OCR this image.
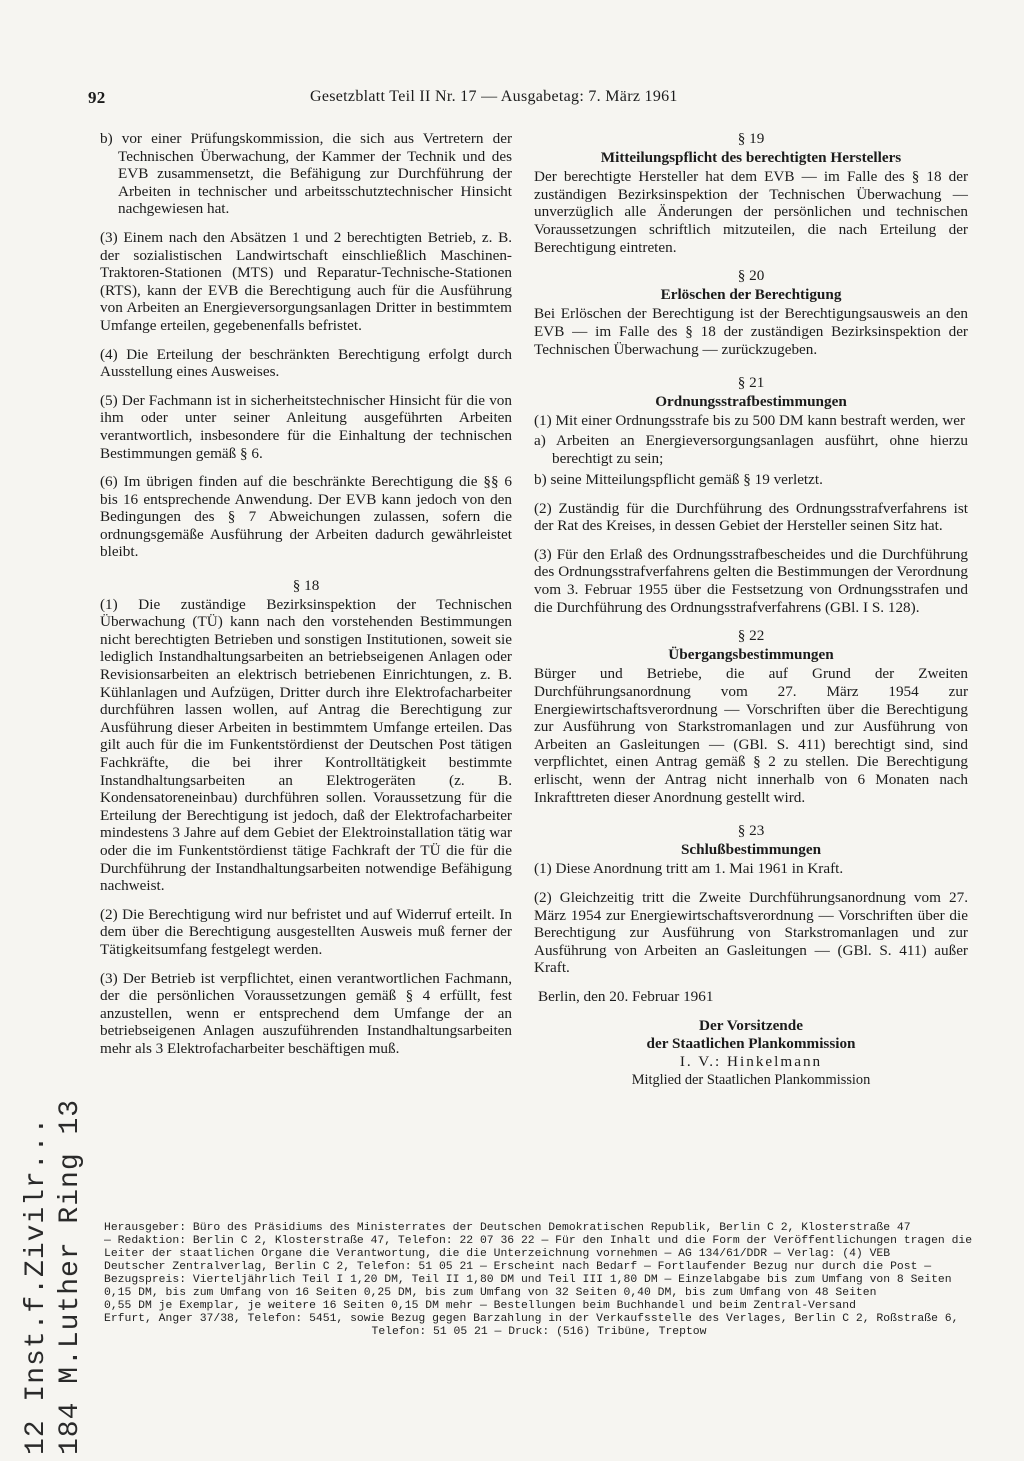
92	Gesetzblatt Teil II Nr. 17 — Ausgabetag: 7. März 1961

b) vor einer Prüfungskommission, die sich aus Vertretern der Technischen Überwachung, der Kammer der Technik und des EVB zusammensetzt, die Befähigung zur Durchführung der Arbeiten in technischer und arbeitsschutztechnischer Hinsicht nachgewiesen hat.

(3) Einem nach den Absätzen 1 und 2 berechtigten Betrieb, z. B. der sozialistischen Landwirtschaft einschließlich Maschinen-Traktoren-Stationen (MTS) und Reparatur-Technische-Stationen (RTS), kann der EVB die Berechtigung auch für die Ausführung von Arbeiten an Energieversorgungsanlagen Dritter in bestimmtem Umfange erteilen, gegebenenfalls befristet.

(4) Die Erteilung der beschränkten Berechtigung erfolgt durch Ausstellung eines Ausweises.

(5) Der Fachmann ist in sicherheitstechnischer Hinsicht für die von ihm oder unter seiner Anleitung ausgeführten Arbeiten verantwortlich, insbesondere für die Einhaltung der technischen Bestimmungen gemäß § 6.

(6) Im übrigen finden auf die beschränkte Berechtigung die §§ 6 bis 16 entsprechende Anwendung. Der EVB kann jedoch von den Bedingungen des § 7 Abweichungen zulassen, sofern die ordnungsgemäße Ausführung der Arbeiten dadurch gewährleistet bleibt.

§ 18

(1) Die zuständige Bezirksinspektion der Technischen Überwachung (TÜ) kann nach den vorstehenden Bestimmungen nicht berechtigten Betrieben und sonstigen Institutionen, soweit sie lediglich Instandhaltungsarbeiten an betriebseigenen Anlagen oder Revisionsarbeiten an elektrisch betriebenen Einrichtungen, z. B. Kühlanlagen und Aufzügen, Dritter durch ihre Elektrofacharbeiter durchführen lassen wollen, auf Antrag die Berechtigung zur Ausführung dieser Arbeiten in bestimmtem Umfange erteilen. Das gilt auch für die im Funkentstördienst der Deutschen Post tätigen Fachkräfte, die bei ihrer Kontrolltätigkeit bestimmte Instandhaltungsarbeiten an Elektrogeräten (z. B. Kondensatoreneinbau) durchführen sollen. Voraussetzung für die Erteilung der Berechtigung ist jedoch, daß der Elektrofacharbeiter mindestens 3 Jahre auf dem Gebiet der Elektroinstallation tätig war oder die im Funkentstördienst tätige Fachkraft der TÜ die für die Durchführung der Instandhaltungsarbeiten notwendige Befähigung nachweist.

(2) Die Berechtigung wird nur befristet und auf Widerruf erteilt. In dem über die Berechtigung ausgestellten Ausweis muß ferner der Tätigkeitsumfang festgelegt werden.

(3) Der Betrieb ist verpflichtet, einen verantwortlichen Fachmann, der die persönlichen Voraussetzungen gemäß § 4 erfüllt, fest anzustellen, wenn er entsprechend dem Umfange der an betriebseigenen Anlagen auszuführenden Instandhaltungsarbeiten mehr als 3 Elektrofacharbeiter beschäftigen muß.

§ 19
Mitteilungspflicht des berechtigten Herstellers

Der berechtigte Hersteller hat dem EVB — im Falle des § 18 der zuständigen Bezirksinspektion der Technischen Überwachung — unverzüglich alle Änderungen der persönlichen und technischen Voraussetzungen schriftlich mitzuteilen, die nach Erteilung der Berechtigung eintreten.

§ 20
Erlöschen der Berechtigung

Bei Erlöschen der Berechtigung ist der Berechtigungsausweis an den EVB — im Falle des § 18 der zuständigen Bezirksinspektion der Technischen Überwachung — zurückzugeben.

§ 21
Ordnungsstrafbestimmungen

(1) Mit einer Ordnungsstrafe bis zu 500 DM kann bestraft werden, wer

a) Arbeiten an Energieversorgungsanlagen ausführt, ohne hierzu berechtigt zu sein;

b) seine Mitteilungspflicht gemäß § 19 verletzt.

(2) Zuständig für die Durchführung des Ordnungsstrafverfahrens ist der Rat des Kreises, in dessen Gebiet der Hersteller seinen Sitz hat.

(3) Für den Erlaß des Ordnungsstrafbescheides und die Durchführung des Ordnungsstrafverfahrens gelten die Bestimmungen der Verordnung vom 3. Februar 1955 über die Festsetzung von Ordnungsstrafen und die Durchführung des Ordnungsstrafverfahrens (GBl. I S. 128).

§ 22
Übergangsbestimmungen

Bürger und Betriebe, die auf Grund der Zweiten Durchführungsanordnung vom 27. März 1954 zur Energiewirtschaftsverordnung — Vorschriften über die Berechtigung zur Ausführung von Starkstromanlagen und zur Ausführung von Arbeiten an Gasleitungen — (GBl. S. 411) berechtigt sind, sind verpflichtet, einen Antrag gemäß § 2 zu stellen. Die Berechtigung erlischt, wenn der Antrag nicht innerhalb von 6 Monaten nach Inkrafttreten dieser Anordnung gestellt wird.

§ 23
Schlußbestimmungen

(1) Diese Anordnung tritt am 1. Mai 1961 in Kraft.

(2) Gleichzeitig tritt die Zweite Durchführungsanordnung vom 27. März 1954 zur Energiewirtschaftsverordnung — Vorschriften über die Berechtigung zur Ausführung von Starkstromanlagen und zur Ausführung von Arbeiten an Gasleitungen — (GBl. S. 411) außer Kraft.

Berlin, den 20. Februar 1961

Der Vorsitzende
der Staatlichen Plankommission
I. V.: Hinkelmann
Mitglied der Staatlichen Plankommission
Herausgeber: Büro des Präsidiums des Ministerrates der Deutschen Demokratischen Republik, Berlin C 2, Klosterstraße 47
— Redaktion: Berlin C 2, Klosterstraße 47, Telefon: 22 07 36 22 — Für den Inhalt und die Form der Veröffentlichungen tragen die
Leiter der staatlichen Organe die Verantwortung, die die Unterzeichnung vornehmen — AG 134/61/DDR — Verlag: (4) VEB
Deutscher Zentralverlag, Berlin C 2, Telefon: 51 05 21 — Erscheint nach Bedarf — Fortlaufender Bezug nur durch die Post —
Bezugspreis: Vierteljährlich Teil I 1,20 DM, Teil II 1,80 DM und Teil III 1,80 DM — Einzelabgabe bis zum Umfang von 8 Seiten
0,15 DM, bis zum Umfang von 16 Seiten 0,25 DM, bis zum Umfang von 32 Seiten 0,40 DM, bis zum Umfang von 48 Seiten
0,55 DM je Exemplar, je weitere 16 Seiten 0,15 DM mehr — Bestellungen beim Buchhandel und beim Zentral-Versand
Erfurt, Anger 37/38, Telefon: 5451, sowie Bezug gegen Barzahlung in der Verkaufsstelle des Verlages, Berlin C 2, Roßstraße 6,
Telefon: 51 05 21 — Druck: (516) Tribüne, Treptow
12 Inst.f.Zivilr... 184 M.Luther Ring 13
